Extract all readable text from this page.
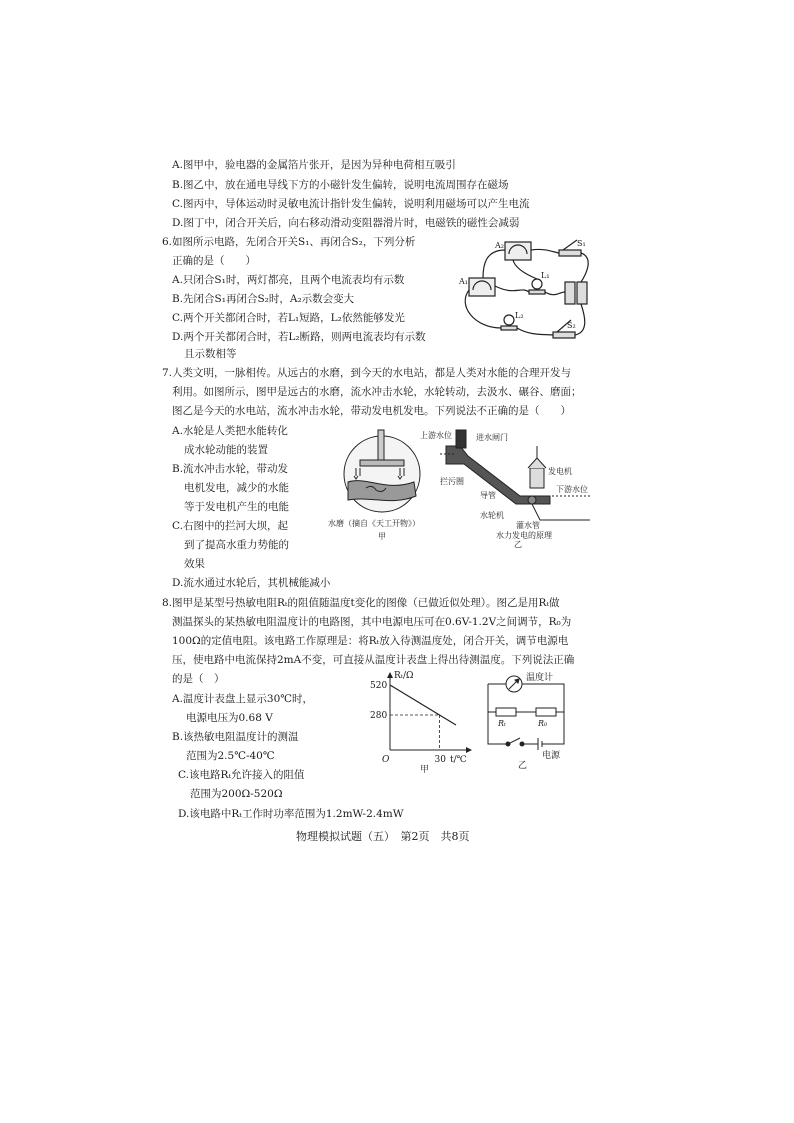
A.图甲中，验电器的金属箔片张开，是因为异种电荷相互吸引
B.图乙中，放在通电导线下方的小磁针发生偏转，说明电流周围存在磁场
C.图丙中，导体运动时灵敏电流计指针发生偏转，说明利用磁场可以产生电流
D.图丁中，闭合开关后，向右移动滑动变阻器滑片时，电磁铁的磁性会减弱
6.如图所示电路，先闭合开关S₁、再闭合S₂，下列分析
正确的是（　　）
A.只闭合S₁时，两灯都亮，且两个电流表均有示数
B.先闭合S₁再闭合S₂时，A₂示数会变大
C.两个开关都闭合时，若L₁短路，L₂依然能够发光
D.两个开关都闭合时，若L₂断路，则两电流表均有示数
且示数相等
A₂
A₁
S₁
S₂
L₁
L₂
7.人类文明，一脉相传。从远古的水磨，到今天的水电站，都是人类对水能的合理开发与
利用。如图所示，图甲是远古的水磨，流水冲击水轮，水轮转动，去汲水、碾谷、磨面；
图乙是今天的水电站，流水冲击水轮，带动发电机发电。下列说法不正确的是（　　）
A.水轮是人类把水能转化
成水轮动能的装置
B.流水冲击水轮，带动发
电机发电，减少的水能
等于发电机产生的电能
C.右图中的拦河大坝，起
到了提高水重力势能的
效果
D.流水通过水轮后，其机械能减小
水磨（摘自《天工开物》）
甲
上游水位	进水闸门
发电机
拦污圈
导管
下游水位
水轮机
灌水管
水力发电的原理
乙
8.图甲是某型号热敏电阻Rₜ的阻值随温度t变化的图像（已做近似处理）。图乙是用Rₜ做
测温探头的某热敏电阻温度计的电路图，其中电源电压可在0.6V-1.2V之间调节，R₀为
100Ω的定值电阻。该电路工作原理是：将Rₜ放入待测温度处，闭合开关，调节电源电
压，使电路中电流保持2mA不变，可直接从温度计表盘上得出待测温度。下列说法正确
的是（　）
A.温度计表盘上显示30℃时，
电源电压为0.68 V
B.该热敏电阻温度计的测温
范围为2.5℃-40℃
C.该电路Rₜ允许接入的阻值
范围为200Ω-520Ω
D.该电路中Rₜ工作时功率范围为1.2mW-2.4mW
Rₜ/Ω
520
280
O	30 t/℃
甲
温度计
Rₜ	R₀
电源
乙
物理模拟试题（五）　第2页　共8页
